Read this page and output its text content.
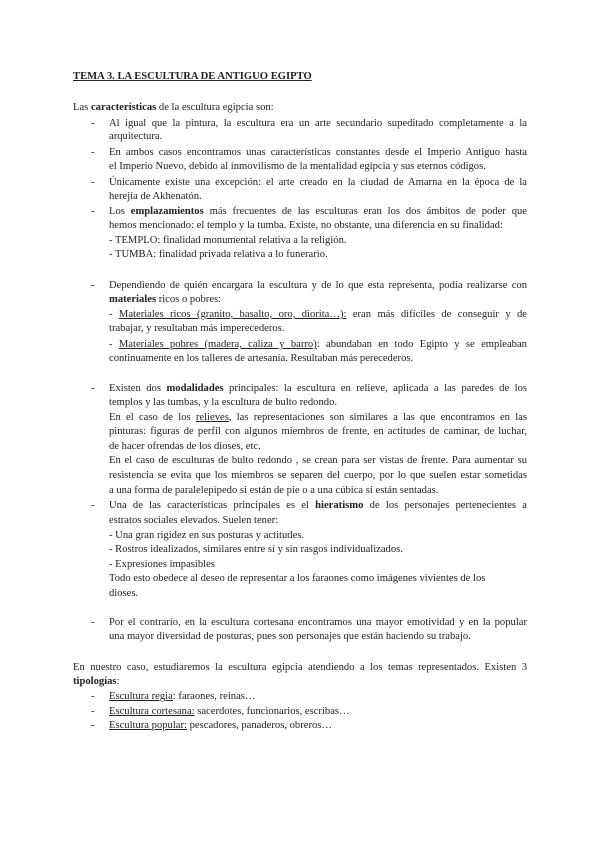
TEMA 3. LA ESCULTURA DE ANTIGUO EGIPTO
Las características de la escultura egipcia son:
- Al igual que la pintura, la escultura era un arte secundario supeditado completamente a la
arquitectura.
- En ambos casos encontramos unas características constantes desde el Imperio Antiguo hasta
el Imperio Nuevo, debido al inmovilismo de la mentalidad egipcia y sus eternos códigos.
- Únicamente existe una excepción: el arte creado en la ciudad de Amarna en la época de la
herejía de Akhenatón.
- Los emplazamientos más frecuentes de las esculturas eran los dos ámbitos de poder que
hemos mencionado: el templo y la tumba. Existe, no obstante, una diferencia en su finalidad:
- TEMPLO: finalidad monumental relativa a la religión.
- TUMBA: finalidad privada relativa a lo funerario.
- Dependiendo de quién encargara la escultura y de lo que esta representa, podía realizarse con
materiales ricos o pobres:
- Materiales ricos (granito, basalto, oro, diorita…): eran más difíciles de conseguir y de
trabajar, y resultaban más imperecederos.
- Materiales pobres (madera, caliza y barro): abundaban en todo Egipto y se empleaban
continuamente en los talleres de artesanía. Resultaban más perecederos.
- Existen dos modalidades principales: la escultura en relieve, aplicada a las paredes de los
templos y las tumbas, y la escultura de bulto redondo.
En el caso de los relieves, las representaciones son similares a las que encontramos en las
pinturas: figuras de perfil con algunos miembros de frente, en actitudes de caminar, de luchar,
de hacer ofrendas de los dioses, etc.
En el caso de esculturas de bulto redondo , se crean para ser vistas de frente. Para aumentar su
resistencia se evita que los miembros se separen del cuerpo, por lo que suelen estar sometidas
a una forma de paralelepípedo si están de pie o a una cúbica si están sentadas.
- Una de las características principales es el hieratismo de los personajes pertenecientes a
estratos sociales elevados. Suelen tener:
- Una gran rigidez en sus posturas y actitudes.
- Rostros idealizados, similares entre sí y sin rasgos individualizados.
- Expresiones impasibles
Todo esto obedece al deseo de representar a los faraones como imágenes vivientes de los
dioses.
- Por el contrario, en la escultura cortesana encontramos una mayor emotividad y en la popular
una mayor diversidad de posturas, pues son personajes que están haciendo su trabajo.
En nuestro caso, estudiaremos la escultura egipcia atendiendo a los temas representados. Existen 3
tipologías:
- Escultura regia: faraones, reinas…
- Escultura cortesana: sacerdotes, funcionarios, escribas…
- Escultura popular: pescadores, panaderos, obreros…
